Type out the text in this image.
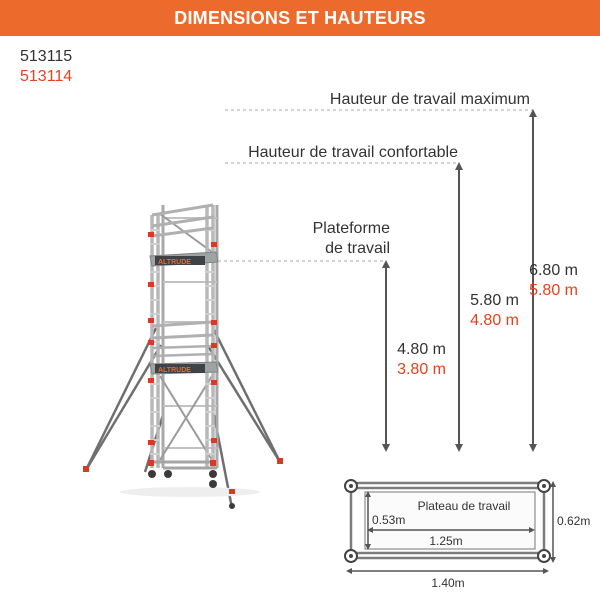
DIMENSIONS ET HAUTEURS
513115
513114
ALTRUDE
ALTRUDE
Hauteur de travail maximum
Hauteur de travail confortable
Plateforme
de travail
4.80 m
3.80 m
5.80 m
4.80 m
6.80 m
5.80 m
Plateau de travail
0.53m
1.25m
0.62m
1.40m
